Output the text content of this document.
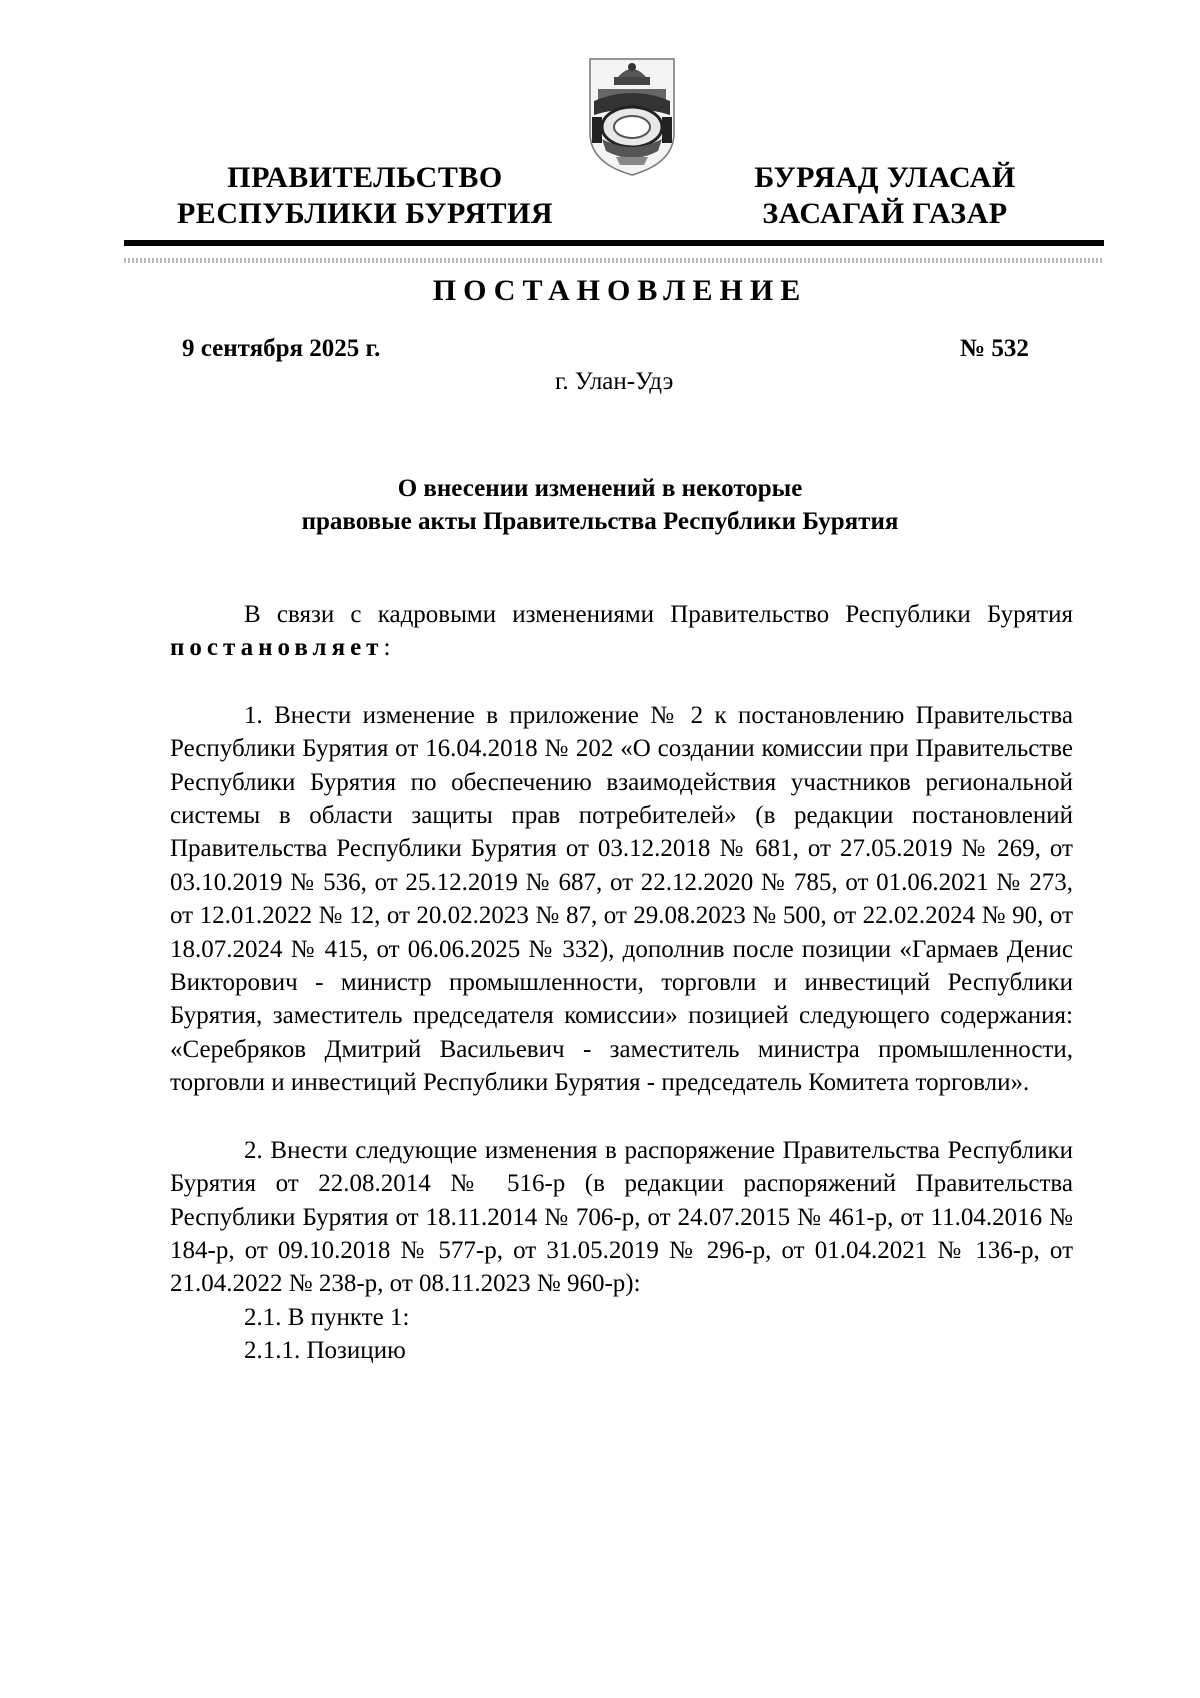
ПРАВИТЕЛЬСТВО
РЕСПУБЛИКИ БУРЯТИЯ
БУРЯАД УЛАСАЙ
ЗАСАГАЙ ГАЗАР
ПОСТАНОВЛЕНИЕ
9 сентября 2025 г.	№ 532
г. Улан-Удэ
О внесении изменений в некоторые
правовые акты Правительства Республики Бурятия

В связи с кадровыми изменениями Правительство Республики Бурятия постановляет:

1. Внести изменение в приложение № 2 к постановлению Правительства Республики Бурятия от 16.04.2018 № 202 «О создании комиссии при Правительстве Республики Бурятия по обеспечению взаимодействия участников региональной системы в области защиты прав потребителей» (в редакции постановлений Правительства Республики Бурятия от 03.12.2018 № 681, от 27.05.2019 № 269, от 03.10.2019 № 536, от 25.12.2019 № 687, от 22.12.2020 № 785, от 01.06.2021 № 273, от 12.01.2022 № 12, от 20.02.2023 № 87, от 29.08.2023 № 500, от 22.02.2024 № 90, от 18.07.2024 № 415, от 06.06.2025 № 332), дополнив после позиции «Гармаев Денис Викторович - министр промышленности, торговли и инвестиций Республики Бурятия, заместитель председателя комиссии» позицией следующего содержания: «Серебряков Дмитрий Васильевич - заместитель министра промышленности, торговли и инвестиций Республики Бурятия - председатель Комитета торговли».

2. Внести следующие изменения в распоряжение Правительства Республики Бурятия от 22.08.2014 № 516-р (в редакции распоряжений Правительства Республики Бурятия от 18.11.2014 № 706-р, от 24.07.2015 № 461-р, от 11.04.2016 № 184-р, от 09.10.2018 № 577-р, от 31.05.2019 № 296-р, от 01.04.2021 № 136-р, от 21.04.2022 № 238-р, от 08.11.2023 № 960-р):

2.1. В пункте 1:

2.1.1. Позицию
